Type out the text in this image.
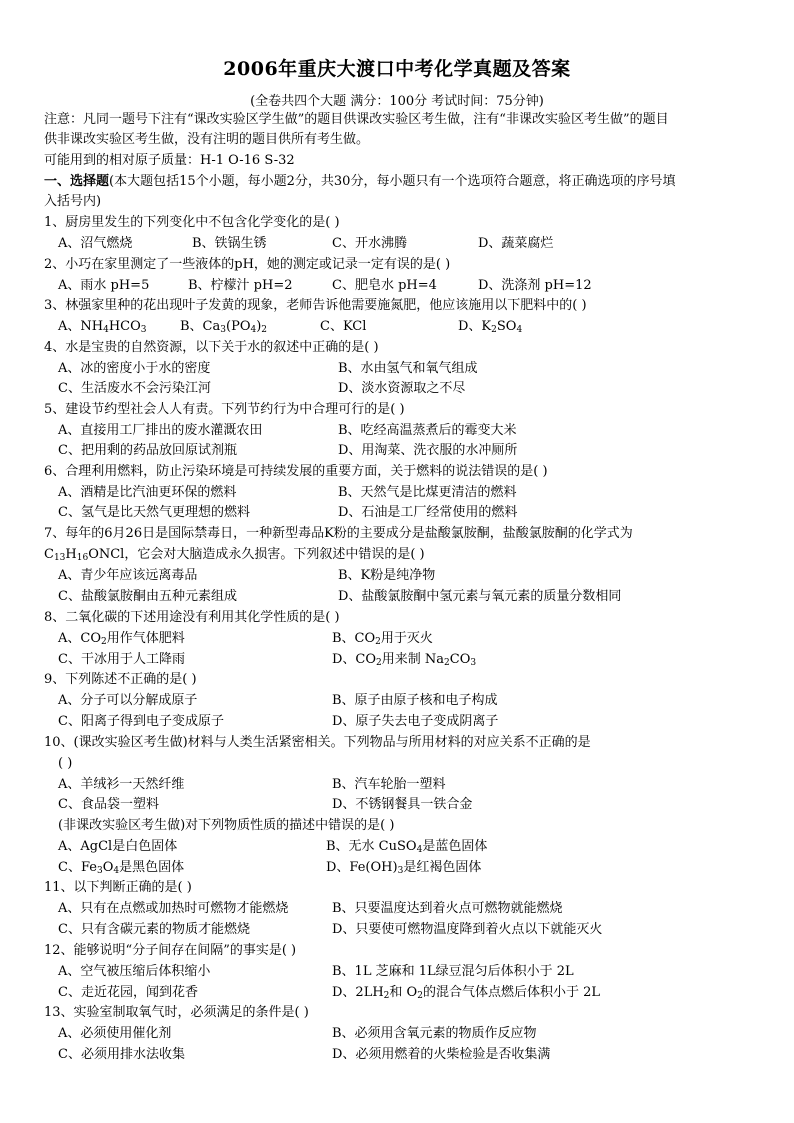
2006年重庆大渡口中考化学真题及答案
(全卷共四个大题 满分：100分 考试时间：75分钟)
注意：凡同一题号下注有“课改实验区学生做”的题目供课改实验区考生做，注有“非课改实验区考生做”的题目
供非课改实验区考生做，没有注明的题目供所有考生做。
可能用到的相对原子质量：H-1 O-16 S-32
一、选择题(本大题包括15个小题，每小题2分，共30分，每小题只有一个选项符合题意，将正确选项的序号填
入括号内)
1、厨房里发生的下列变化中不包含化学变化的是( )
A、沼气燃烧	B、铁锅生锈	C、开水沸腾	D、蔬菜腐烂
2、小巧在家里测定了一些液体的pH，她的测定或记录一定有误的是( )
A、雨水 pH=5	B、柠檬汁 pH=2	C、肥皂水 pH=4	D、洗涤剂 pH=12
3、林强家里种的花出现叶子发黄的现象，老师告诉他需要施氮肥，他应该施用以下肥料中的( )
A、$NH_4HCO_3$	B、$Ca_3(PO_4)_2$	C、KCl	D、$K_2SO_4$
4、水是宝贵的自然资源，以下关于水的叙述中正确的是( )
A、冰的密度小于水的密度	B、水由氢气和氧气组成
C、生活废水不会污染江河	D、淡水资源取之不尽
5、建设节约型社会人人有责。下列节约行为中合理可行的是( )
A、直接用工厂排出的废水灌溉农田	B、吃经高温蒸煮后的霉变大米
C、把用剩的药品放回原试剂瓶	D、用淘菜、洗衣服的水冲厕所
6、合理利用燃料，防止污染环境是可持续发展的重要方面，关于燃料的说法错误的是( )
A、酒精是比汽油更环保的燃料	B、天然气是比煤更清洁的燃料
C、氢气是比天然气更理想的燃料	D、石油是工厂经常使用的燃料
7、每年的6月26日是国际禁毒日，一种新型毒品K粉的主要成分是盐酸氯胺酮，盐酸氯胺酮的化学式为
$C_{13}H_{16}ONCl$，它会对大脑造成永久损害。下列叙述中错误的是( )
A、青少年应该远离毒品	B、K粉是纯净物
C、盐酸氯胺酮由五种元素组成	D、盐酸氯胺酮中氢元素与氧元素的质量分数相同
8、二氧化碳的下述用途没有利用其化学性质的是( )
A、$CO_2$用作气体肥料	B、$CO_2$用于灭火
C、干冰用于人工降雨	D、$CO_2$用来制 $Na_2CO_3$
9、下列陈述不正确的是( )
A、分子可以分解成原子	B、原子由原子核和电子构成
C、阳离子得到电子变成原子	D、原子失去电子变成阴离子
10、(课改实验区考生做)材料与人类生活紧密相关。下列物品与所用材料的对应关系不正确的是
( )
A、羊绒衫一天然纤维	B、汽车轮胎一塑料
C、食品袋一塑料	D、不锈钢餐具一铁合金
(非课改实验区考生做)对下列物质性质的描述中错误的是( )
A、AgCl是白色固体	B、无水 CuSO$_4$是蓝色固体
C、$Fe_3O_4$是黑色固体	D、$Fe(OH)_3$是红褐色固体
11、以下判断正确的是( )
A、只有在点燃或加热时可燃物才能燃烧	B、只要温度达到着火点可燃物就能燃烧
C、只有含碳元素的物质才能燃烧	D、只要使可燃物温度降到着火点以下就能灭火
12、能够说明“分子间存在间隔”的事实是( )
A、空气被压缩后体积缩小	B、1L 芝麻和 1L绿豆混匀后体积小于 2L
C、走近花园，闻到花香	D、$2LH_2$和 $O_2$的混合气体点燃后体积小于 2L
13、实验室制取氧气时，必须满足的条件是( )
A、必须使用催化剂	B、必须用含氧元素的物质作反应物
C、必须用排水法收集	D、必须用燃着的火柴检验是否收集满
